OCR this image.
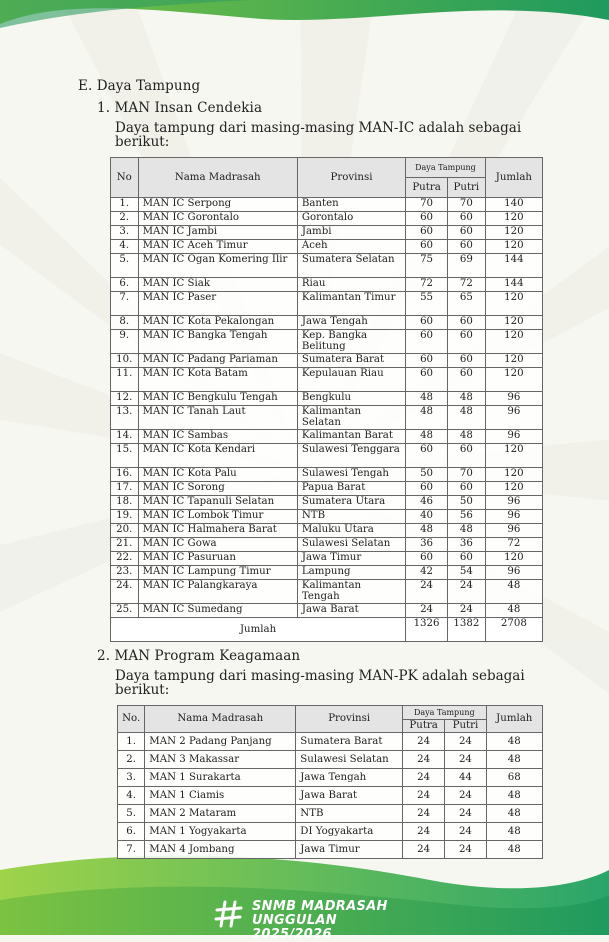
E. Daya Tampung
1. MAN Insan Cendekia
Daya tampung dari masing-masing MAN-IC adalah sebagai berikut:
No	Nama Madrasah	Provinsi	Daya Tampung		Jumlah
			Putra	Putri	
1.	MAN IC Serpong	Banten	70	70	140
2.	MAN IC Gorontalo	Gorontalo	60	60	120
3.	MAN IC Jambi	Jambi	60	60	120
4.	MAN IC Aceh Timur	Aceh	60	60	120
5.	MAN IC Ogan Komering Ilir	Sumatera Selatan	75	69	144
6.	MAN IC Siak	Riau	72	72	144
7.	MAN IC Paser	Kalimantan Timur	55	65	120
8.	MAN IC Kota Pekalongan	Jawa Tengah	60	60	120
9.	MAN IC Bangka Tengah	Kep. Bangka Belitung	60	60	120
10.	MAN IC Padang Pariaman	Sumatera Barat	60	60	120
11.	MAN IC Kota Batam	Kepulauan Riau	60	60	120
12.	MAN IC Bengkulu Tengah	Bengkulu	48	48	96
13.	MAN IC Tanah Laut	Kalimantan Selatan	48	48	96
14.	MAN IC Sambas	Kalimantan Barat	48	48	96
15.	MAN IC Kota Kendari	Sulawesi Tenggara	60	60	120
16.	MAN IC Kota Palu	Sulawesi Tengah	50	70	120
17.	MAN IC Sorong	Papua Barat	60	60	120
18.	MAN IC Tapanuli Selatan	Sumatera Utara	46	50	96
19.	MAN IC Lombok Timur	NTB	40	56	96
20.	MAN IC Halmahera Barat	Maluku Utara	48	48	96
21.	MAN IC Gowa	Sulawesi Selatan	36	36	72
22.	MAN IC Pasuruan	Jawa Timur	60	60	120
23.	MAN IC Lampung Timur	Lampung	42	54	96
24.	MAN IC Palangkaraya	Kalimantan Tengah	24	24	48
25.	MAN IC Sumedang	Jawa Barat	24	24	48
Jumlah			1326	1382	2708
2. MAN Program Keagamaan
Daya tampung dari masing-masing MAN-PK adalah sebagai berikut:
No.	Nama Madrasah	Provinsi	Daya Tampung		Jumlah
			Putra	Putri	
1.	MAN 2 Padang Panjang	Sumatera Barat	24	24	48
2.	MAN 3 Makassar	Sulawesi Selatan	24	24	48
3.	MAN 1 Surakarta	Jawa Tengah	24	44	68
4.	MAN 1 Ciamis	Jawa Barat	24	24	48
5.	MAN 2 Mataram	NTB	24	24	48
6.	MAN 1 Yogyakarta	DI Yogyakarta	24	24	48
7.	MAN 4 Jombang	Jawa Timur	24	24	48
SNMB MADRASAH
UNGGULAN 2025/2026
